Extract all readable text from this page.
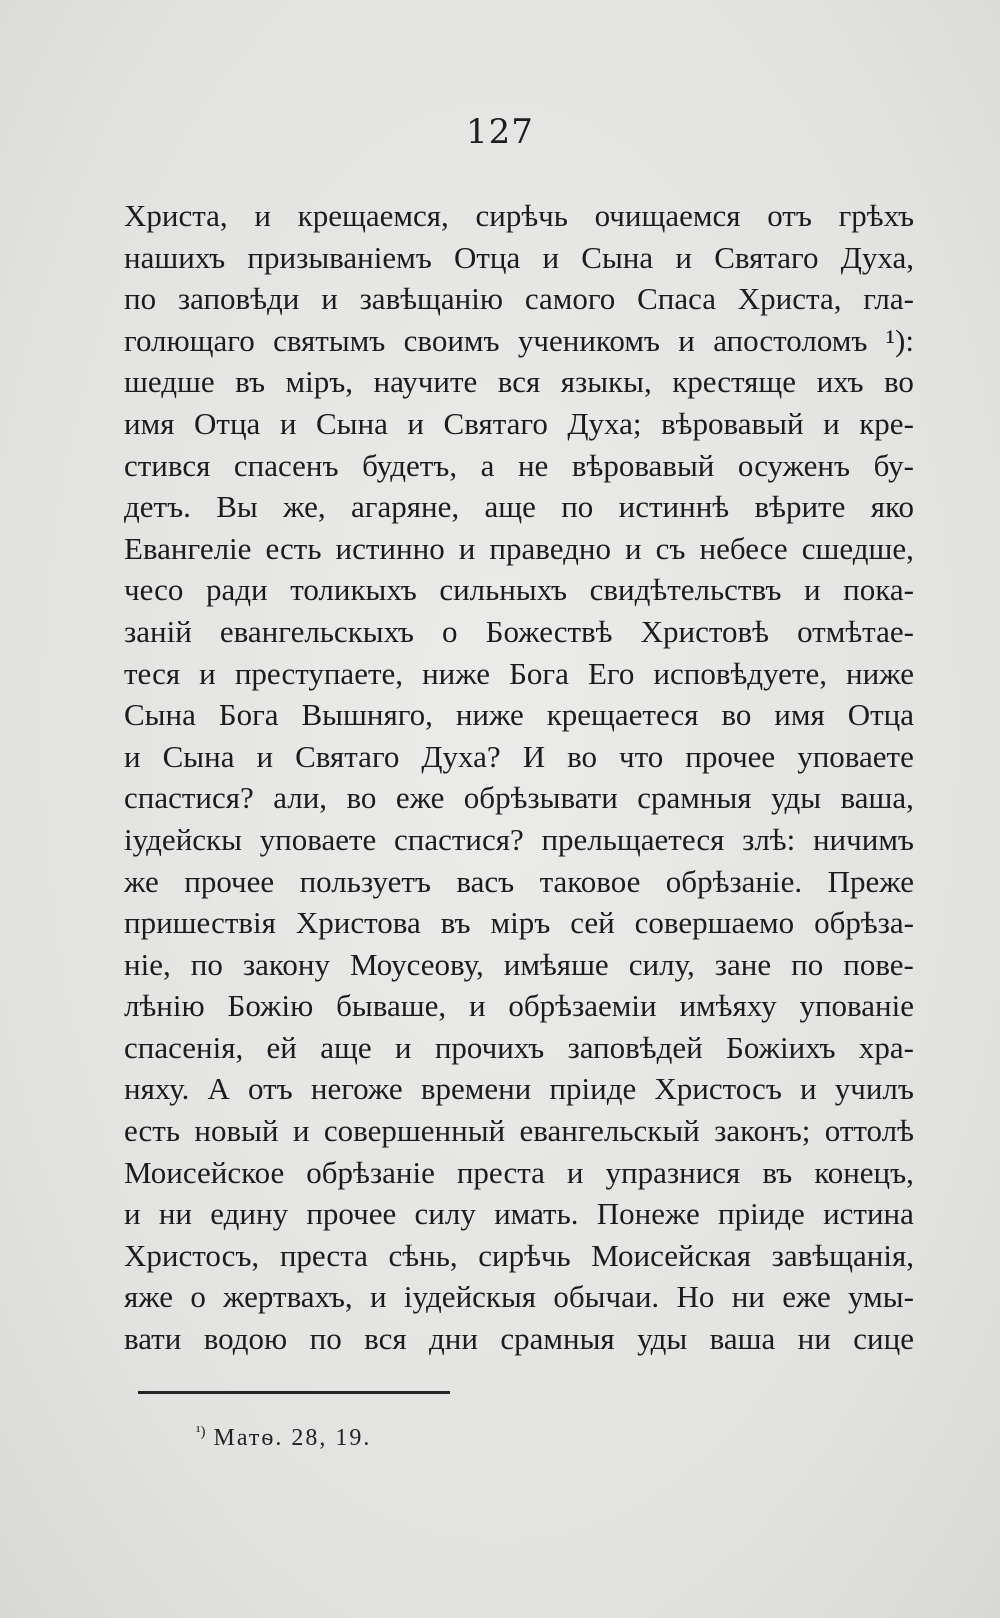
127
Христа, и крещаемся, сирѣчь очищаемся отъ грѣхъ
нашихъ призываніемъ Отца и Сына и Святаго Духа,
по заповѣди и завѣщанію самого Спаса Христа, гла-
голющаго святымъ своимъ ученикомъ и апостоломъ ¹):
шедше въ міръ, научите вся языкы, крестяще ихъ во
имя Отца и Сына и Святаго Духа; вѣровавый и кре-
стився спасенъ будетъ, а не вѣровавый осуженъ бу-
детъ. Вы же, агаряне, аще по истиннѣ вѣрите яко
Евангеліе есть истинно и праведно и съ небесе сшедше,
чесо ради толикыхъ сильныхъ свидѣтельствъ и пока-
заній евангельскыхъ о Божествѣ Христовѣ отмѣтае-
теся и преступаете, ниже Бога Его исповѣдуете, ниже
Сына Бога Вышняго, ниже крещаетеся во имя Отца
и Сына и Святаго Духа? И во что прочее уповаете
спастися? али, во еже обрѣзывати срамныя уды ваша,
іудейскы уповаете спастися? прельщаетеся злѣ: ничимъ
же прочее пользуетъ васъ таковое обрѣзаніе. Преже
пришествія Христова въ міръ сей совершаемо обрѣза-
ніе, по закону Моусеову, имѣяше силу, зане по пове-
лѣнію Божію бываше, и обрѣзаеміи имѣяху упованіе
спасенія, ей аще и прочихъ заповѣдей Божіихъ хра-
няху. А отъ негоже времени пріиде Христосъ и училъ
есть новый и совершенный евангельскый законъ; оттолѣ
Моисейское обрѣзаніе преста и упразнися въ конецъ,
и ни едину прочее силу имать. Понеже пріиде истина
Христосъ, преста сѣнь, сирѣчь Моисейская завѣщанія,
яже о жертвахъ, и іудейскыя обычаи. Но ни еже умы-
вати водою по вся дни срамныя уды ваша ни сице
$^{^1)}$ Матѳ. 28, 19.
